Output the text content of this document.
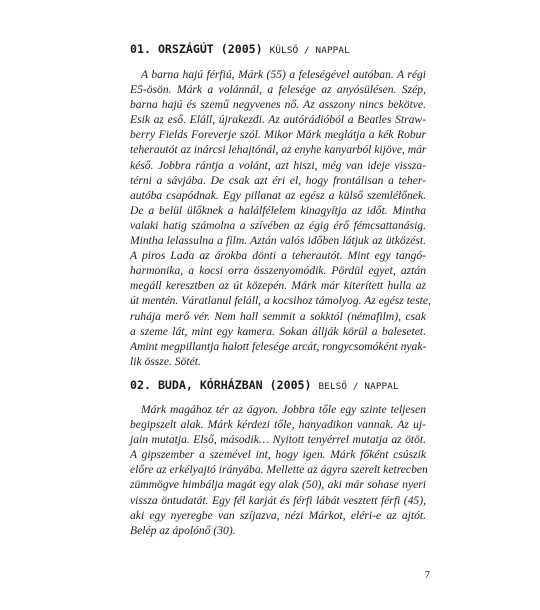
01. ORSZÁGÚT (2005) KÜLSŐ / NAPPAL
A barna hajú férfiú, Márk (55) a feleségével autóban. A régi
E5-ösön. Márk a volánnál, a felesége az anyósülésen. Szép,
barna hajú és szemű negyvenes nő. Az asszony nincs bekötve.
Esik az eső. Eláll, újrakezdi. Az autórádióból a Beatles Straw-
berry Fields Foreverje szól. Mikor Márk meglátja a kék Robur
teherautót az inárcsi lehajtónál, az enyhe kanyarból kijöve, már
késő. Jobbra rántja a volánt, azt hiszi, még van ideje vissza-
térni a sávjába. De csak azt éri el, hogy frontálisan a teher-
autóba csapódnak. Egy pillanat az egész a külső szemlélőnek.
De a belül ülőknek a halálfélelem kinagyítja az időt. Mintha
valaki hatig számolna a szívében az égig érő fémcsattanásig.
Mintha lelassulna a film. Aztán valós időben látjuk az ütközést.
A piros Lada az árokba dönti a teherautót. Mint egy tangó-
harmonika, a kocsi orra összenyomódik. Pördül egyet, aztán
megáll keresztben az út közepén. Márk már kiterített hulla az
út mentén. Váratlanul feláll, a kocsihoz támolyog. Az egész teste,
ruhája merő vér. Nem hall semmit a sokktól (némafilm), csak
a szeme lát, mint egy kamera. Sokan állják körül a balesetet.
Amint megpillantja halott felesége arcát, rongycsomóként nyak-
lik össze. Sötét.
02. BUDA, KÓRHÁZBAN (2005) BELSŐ / NAPPAL
Márk magához tér az ágyon. Jobbra tőle egy szinte teljesen
begipszelt alak. Márk kérdezi tőle, hanyadikon vannak. Az uj-
jain mutatja. Első, második… Nyitott tenyérrel mutatja az ötöt.
A gipszember a szemével int, hogy igen. Márk főként csúszik
előre az erkélyajtó irányába. Mellette az ágyra szerelt ketrecben
zümmögve himbálja magát egy alak (50), aki már sohase nyeri
vissza öntudatát. Egy fél karját és férfi lábát vesztett férfi (45),
aki egy nyeregbe van szíjazva, nézi Márkot, eléri-e az ajtót.
Belép az ápolónő (30).
7
